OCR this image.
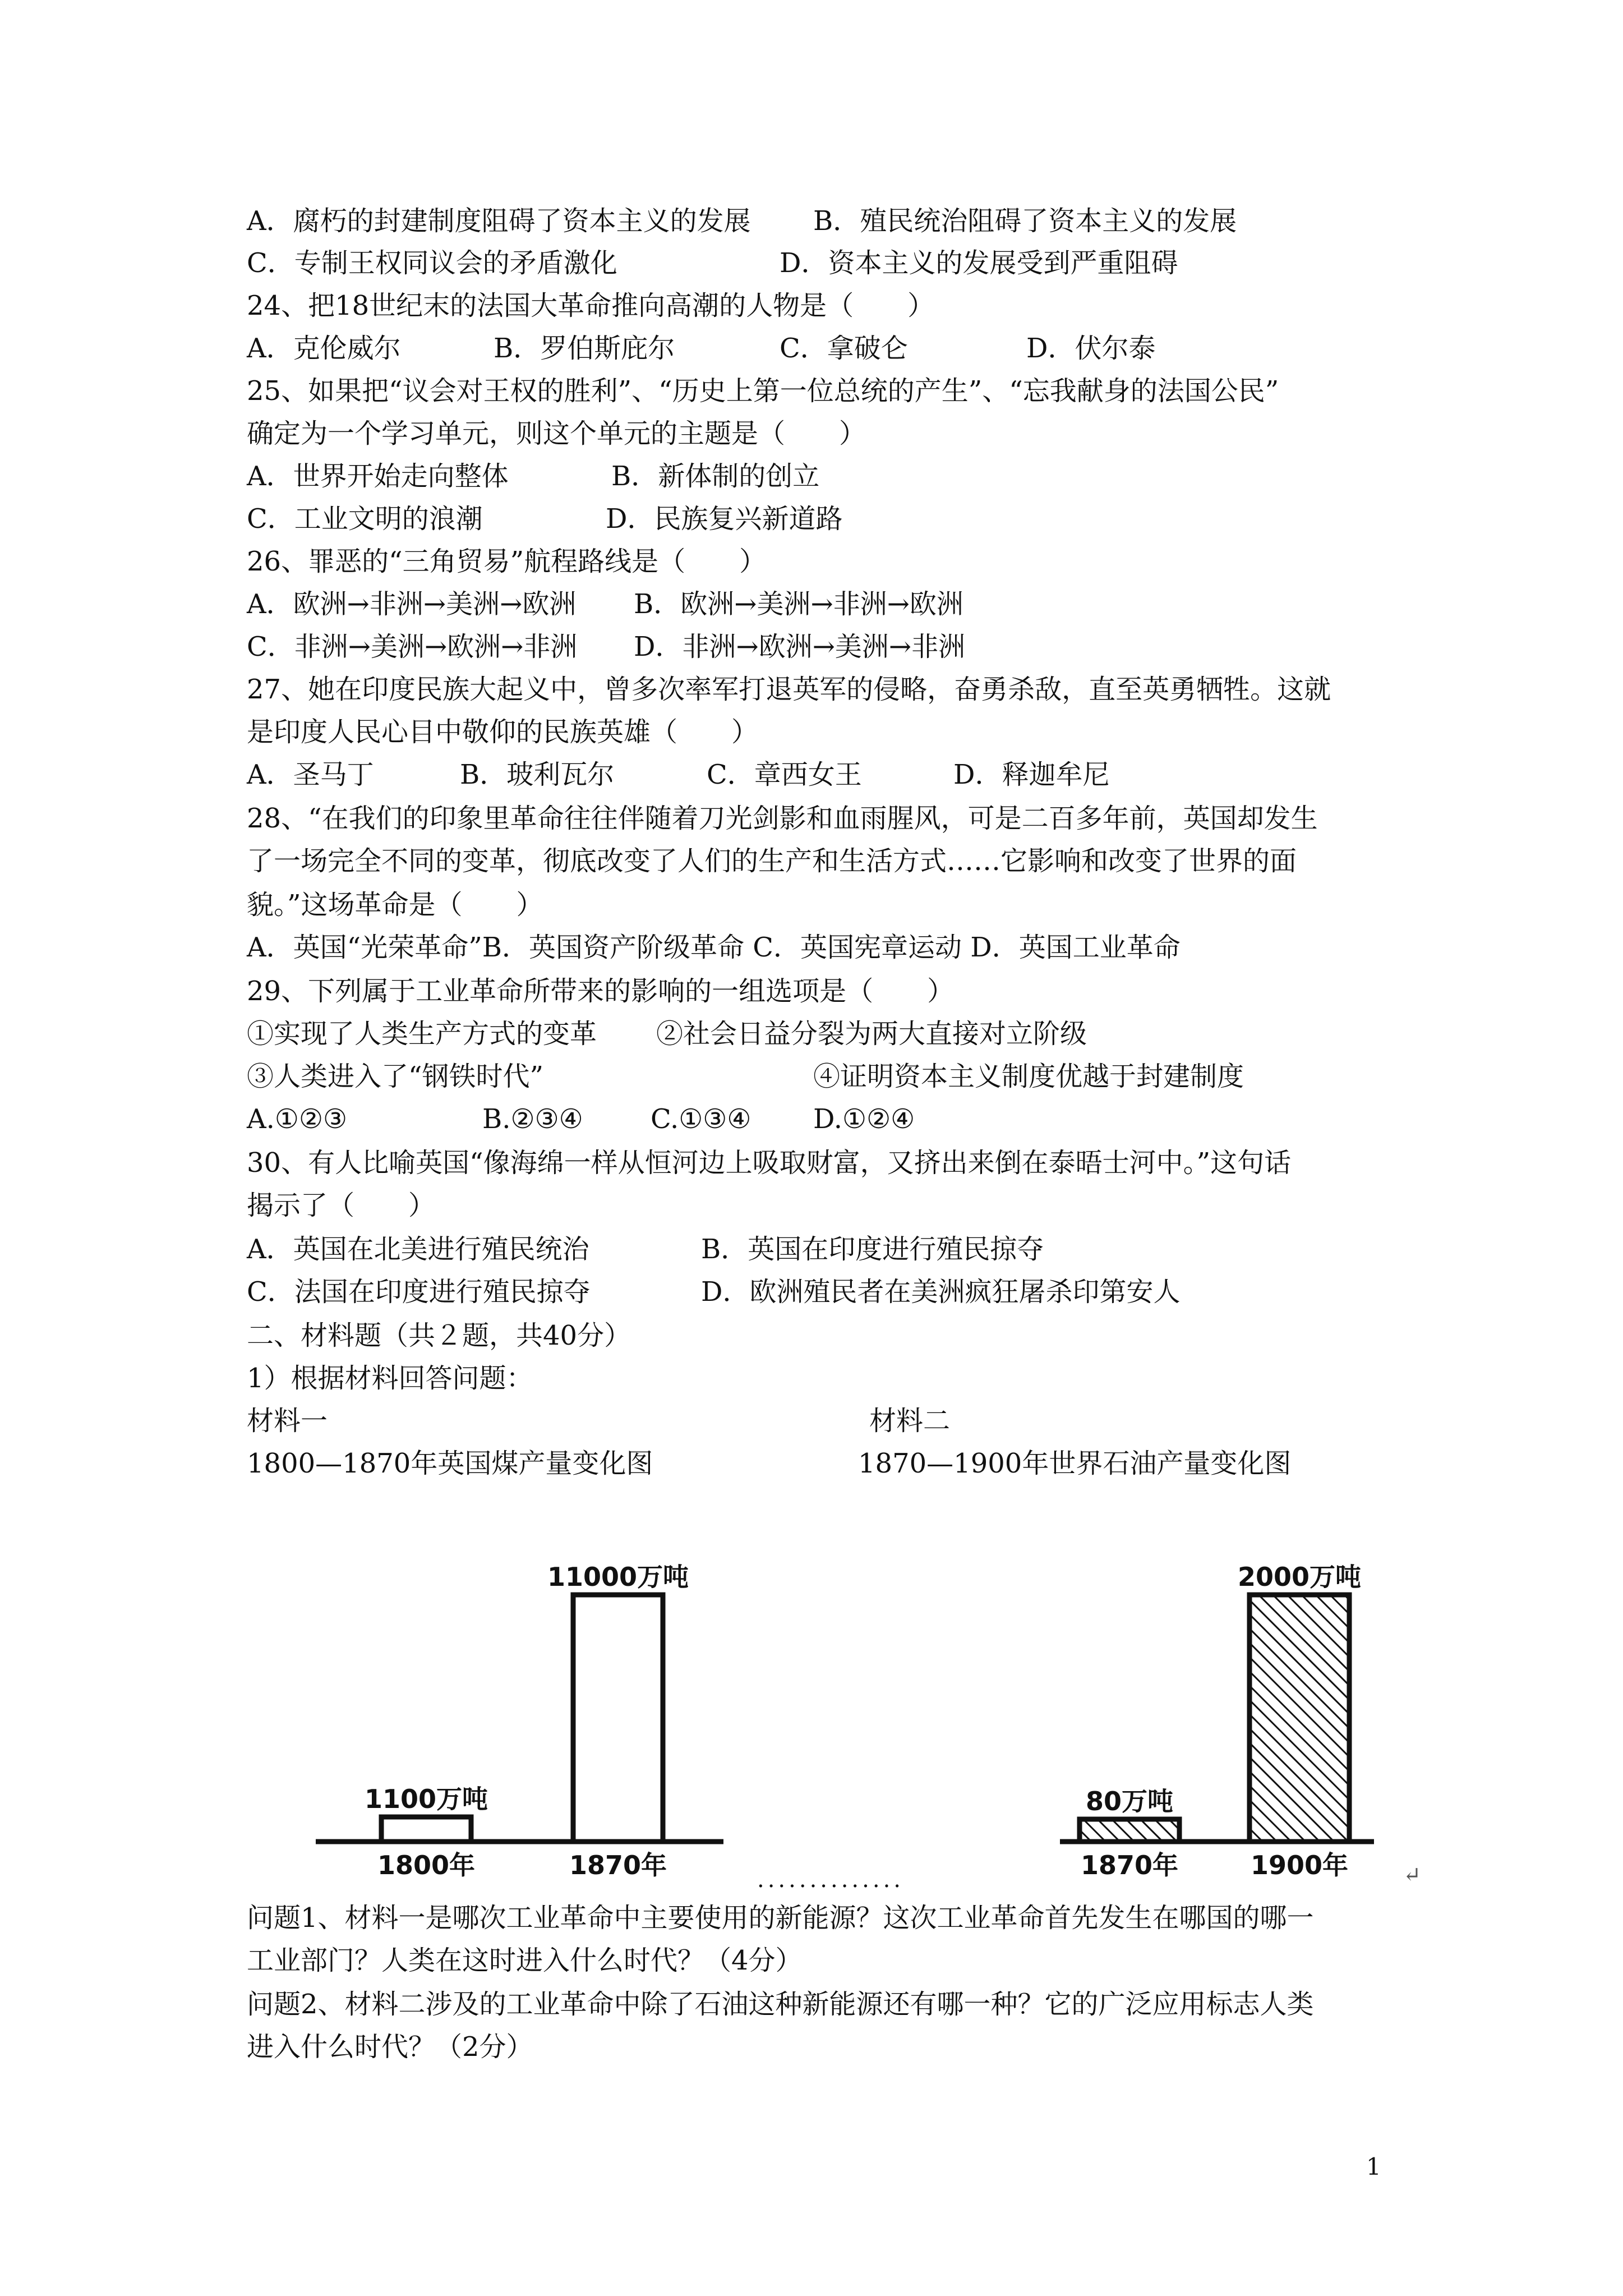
A．腐朽的封建制度阻碍了资本主义的发展 B．殖民统治阻碍了资本主义的发展
C．专制王权同议会的矛盾激化	D．资本主义的发展受到严重阻碍
24、把18世纪末的法国大革命推向高潮的人物是（　　）
A．克伦威尔	B．罗伯斯庇尔	C．拿破仑	D．伏尔泰
25、如果把“议会对王权的胜利”、“历史上第一位总统的产生”、“忘我献身的法国公民”
确定为一个学习单元，则这个单元的主题是（　　）
A．世界开始走向整体	B．新体制的创立
C．工业文明的浪潮	D．民族复兴新道路
26、罪恶的“三角贸易”航程路线是（　　）
A．欧洲→非洲→美洲→欧洲 B．欧洲→美洲→非洲→欧洲
C．非洲→美洲→欧洲→非洲 D．非洲→欧洲→美洲→非洲
27、她在印度民族大起义中，曾多次率军打退英军的侵略，奋勇杀敌，直至英勇牺牲。这就
是印度人民心目中敬仰的民族英雄（　　）
A．圣马丁	B．玻利瓦尔	C．章西女王	D．释迦牟尼
28、“在我们的印象里革命往往伴随着刀光剑影和血雨腥风，可是二百多年前，英国却发生
了一场完全不同的变革，彻底改变了人们的生产和生活方式……它影响和改变了世界的面
貌。”这场革命是（　　）
A．英国“光荣革命”B．英国资产阶级革命 C．英国宪章运动 D．英国工业革命
29、下列属于工业革命所带来的影响的一组选项是（　　）
①实现了人类生产方式的变革 ②社会日益分裂为两大直接对立阶级
③人类进入了“钢铁时代”	④证明资本主义制度优越于封建制度
A.①②③	B.②③④	C.①③④ D.①②④
30、有人比喻英国“像海绵一样从恒河边上吸取财富，又挤出来倒在泰晤士河中。”这句话
揭示了（　　）
A．英国在北美进行殖民统治	B．英国在印度进行殖民掠夺
C．法国在印度进行殖民掠夺	D．欧洲殖民者在美洲疯狂屠杀印第安人
二、材料题（共２题，共40分）
1）根据材料回答问题：
材料一	材料二
1800—1870年英国煤产量变化图	1870—1900年世界石油产量变化图
1100万吨
1800年
11000万吨
1870年
80万吨
1870年
2000万吨
1900年
..............	↵
问题1、材料一是哪次工业革命中主要使用的新能源？这次工业革命首先发生在哪国的哪一
工业部门？人类在这时进入什么时代？（4分）
问题2、材料二涉及的工业革命中除了石油这种新能源还有哪一种？它的广泛应用标志人类
进入什么时代？（2分）
1
